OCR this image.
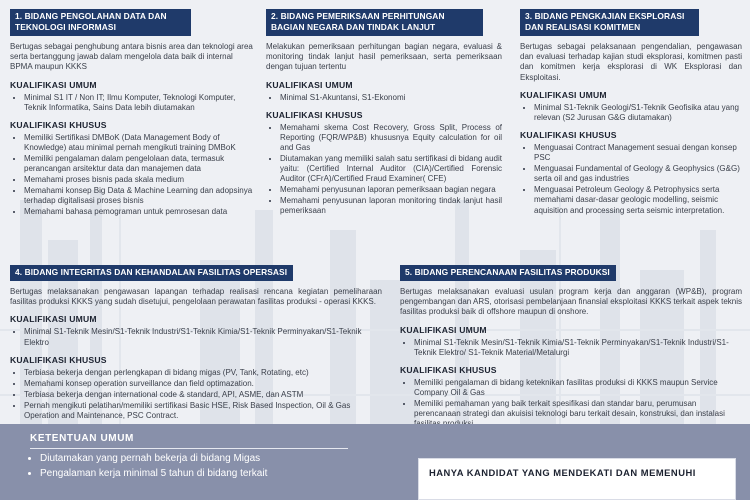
1. BIDANG PENGOLAHAN DATA DAN TEKNOLOGI INFORMASI
Bertugas sebagai penghubung antara bisnis area dan teknologi area serta bertanggung jawab dalam mengelola data baik di internal BPMA maupun KKKS
KUALIFIKASI UMUM
• Minimal S1 IT / Non IT; Ilmu Komputer, Teknologi Komputer, Teknik Informatika, Sains Data lebih diutamakan
KUALIFIKASI KHUSUS
• Memiliki Sertifikasi DMBoK (Data Management Body of Knowledge) atau minimal pernah mengikuti training DMBoK
• Memiliki pengalaman dalam pengelolaan data, termasuk perancangan arsitektur data dan manajemen data
• Memahami proses bisnis pada skala medium
• Memahami konsep Big Data & Machine Learning dan adopsinya terhadap digitalisasi proses bisnis
• Memahami bahasa pemograman untuk pemrosesan data
2. BIDANG PEMERIKSAAN PERHITUNGAN BAGIAN NEGARA DAN TINDAK LANJUT
Melakukan pemeriksaan perhitungan bagian negara, evaluasi & monitoring tindak lanjut hasil pemeriksaan, serta pemeriksaan dengan tujuan tertentu
KUALIFIKASI UMUM
• Minimal S1-Akuntansi, S1-Ekonomi
KUALIFIKASI KHUSUS
• Memahami skema Cost Recovery, Gross Split, Process of Reporting (FQR/WP&B) khususnya Equity calculation for oil and Gas
• Diutamakan yang memiliki salah satu sertifikasi di bidang audit yaitu: (Certified Internal Auditor (CIA)/Certified Forensic Auditor (CFrA)/Certified Fraud Examiner( CFE)
• Memahami penyusunan laporan pemeriksaan bagian negara
• Memahami penyusunan laporan monitoring tindak lanjut hasil pemeriksaan
3. BIDANG PENGKAJIAN EKSPLORASI DAN REALISASI KOMITMEN
Bertugas sebagai pelaksanaan pengendalian, pengawasan dan evaluasi terhadap kajian studi eksplorasi, komitmen pasti dan komitmen kerja eksplorasi di WK Eksplorasi dan Eksploitasi.
KUALIFIKASI UMUM
• Minimal S1-Teknik Geologi/S1-Teknik Geofisika atau yang relevan (S2 Jurusan G&G diutamakan)
KUALIFIKASI KHUSUS
• Menguasai Contract Management sesuai dengan konsep PSC
• Menguasai Fundamental of Geology & Geophysics (G&G) serta oil and gas industries
• Menguasai Petroleum Geology & Petrophysics serta memahami dasar-dasar geologic modelling, seismic aquisition and processing serta seismic interpretation.
4. BIDANG INTEGRITAS DAN KEHANDALAN FASILITAS OPERSASI
Bertugas melaksanakan pengawasan lapangan terhadap realisasi rencana kegiatan pemeliharaan fasilitas produksi KKKS yang sudah disetujui, pengelolaan perawatan fasilitas produksi - operasi KKKS.
KUALIFIKASI UMUM
• Minimal S1-Teknik Mesin/S1-Teknik Industri/S1-Teknik Kimia/S1-Teknik Perminyakan/S1-Teknik Elektro
KUALIFIKASI KHUSUS
• Terbiasa bekerja dengan perlengkapan di bidang migas (PV, Tank, Rotating, etc)
• Memahami konsep operation surveillance dan field optimazation.
• Terbiasa bekerja dengan international code & standard, API, ASME, dan ASTM
• Pernah mengikuti pelatihan/memiliki sertifikasi Basic HSE, Risk Based Inspection, Oil & Gas Operation and Maintenance, PSC Contract.
5. BIDANG PERENCANAAN FASILITAS PRODUKSI
Bertugas melaksanakan evaluasi usulan program kerja dan anggaran (WP&B), program pengembangan dan ARS, otorisasi pembelanjaan finansial eksploitasi KKKS terkait aspek teknis fasilitas produksi baik di offshore maupun di onshore.
KUALIFIKASI UMUM
• Minimal S1-Teknik Mesin/S1-Teknik Kimia/S1-Teknik Perminyakan/S1-Teknik Industri/S1-Teknik Elektro/ S1-Teknik Material/Metalurgi
KUALIFIKASI KHUSUS
• Memiliki pengalaman di bidang keteknikan fasilitas produksi di KKKS maupun Service Company Oil & Gas
• Memiliki pemahaman yang baik terkait spesifikasi dan standar baru, perumusan perencanaan strategi dan akuisisi teknologi baru terkait desain, konstruksi, dan instalasi
KETENTUAN UMUM
• Diutamakan yang pernah bekerja di bidang Migas
• Pengalaman kerja minimal 5 tahun di bidang terkait	HANYA KANDIDAT YANG MENDEKATI DAN MEMENUHI
